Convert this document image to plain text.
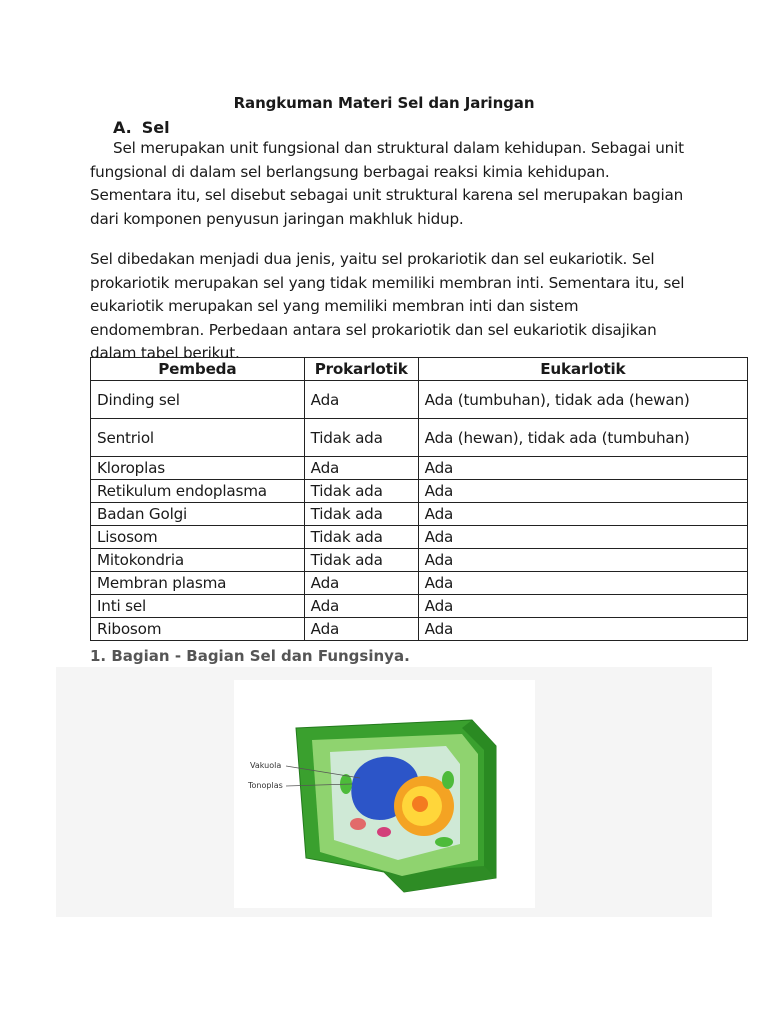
Rangkuman Materi Sel dan Jaringan
A. Sel
Sel merupakan unit fungsional dan struktural dalam kehidupan. Sebagai unit fungsional di dalam sel berlangsung berbagai reaksi kimia kehidupan. Sementara itu, sel disebut sebagai unit struktural karena sel merupakan bagian dari komponen penyusun jaringan makhluk hidup.
Sel dibedakan menjadi dua jenis, yaitu sel prokariotik dan sel eukariotik. Sel prokariotik merupakan sel yang tidak memiliki membran inti. Sementara itu, sel eukariotik merupakan sel yang memiliki membran inti dan sistem endomembran. Perbedaan antara sel prokariotik dan sel eukariotik disajikan dalam tabel berikut.
Pembeda	Prokarlotik	Eukarlotik
Dinding sel	Ada	Ada (tumbuhan), tidak ada (hewan)
Sentriol	Tidak ada	Ada (hewan), tidak ada (tumbuhan)
Kloroplas	Ada	Ada
Retikulum endoplasma	Tidak ada	Ada
Badan Golgi	Tidak ada	Ada
Lisosom	Tidak ada	Ada
Mitokondria	Tidak ada	Ada
Membran plasma	Ada	Ada
Inti sel	Ada	Ada
Ribosom	Ada	Ada
1. Bagian - Bagian Sel dan Fungsinya.
Vakuola
Tonoplas
